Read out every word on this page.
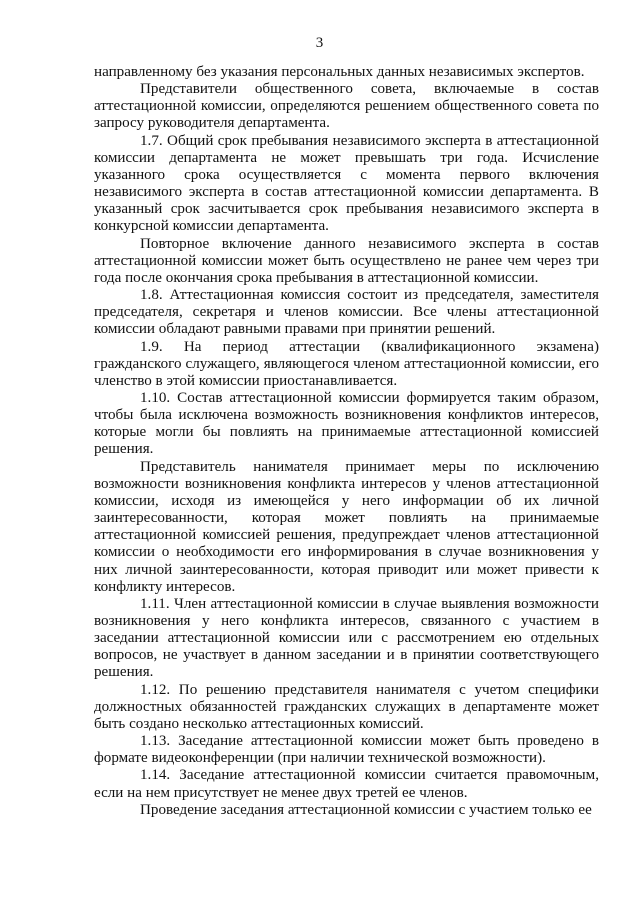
3

направленному без указания персональных данных независимых экспертов.

Представители общественного совета, включаемые в состав аттестационной комиссии, определяются решением общественного совета по запросу руководителя департамента.

1.7. Общий срок пребывания независимого эксперта в аттестационной комиссии департамента не может превышать три года. Исчисление указанного срока осуществляется с момента первого включения независимого эксперта в состав аттестационной комиссии департамента. В указанный срок засчитывается срок пребывания независимого эксперта в конкурсной комиссии департамента.

Повторное включение данного независимого эксперта в состав аттестационной комиссии может быть осуществлено не ранее чем через три года после окончания срока пребывания в аттестационной комиссии.

1.8. Аттестационная комиссия состоит из председателя, заместителя председателя, секретаря и членов комиссии. Все члены аттестационной комиссии обладают равными правами при принятии решений.

1.9. На период аттестации (квалификационного экзамена) гражданского служащего, являющегося членом аттестационной комиссии, его членство в этой комиссии приостанавливается.

1.10. Состав аттестационной комиссии формируется таким образом, чтобы была исключена возможность возникновения конфликтов интересов, которые могли бы повлиять на принимаемые аттестационной комиссией решения.

Представитель нанимателя принимает меры по исключению возможности возникновения конфликта интересов у членов аттестационной комиссии, исходя из имеющейся у него информации об их личной заинтересованности, которая может повлиять на принимаемые аттестационной комиссией решения, предупреждает членов аттестационной комиссии о необходимости его информирования в случае возникновения у них личной заинтересованности, которая приводит или может привести к конфликту интересов.

1.11. Член аттестационной комиссии в случае выявления возможности возникновения у него конфликта интересов, связанного с участием в заседании аттестационной комиссии или с рассмотрением ею отдельных вопросов, не участвует в данном заседании и в принятии соответствующего решения.

1.12. По решению представителя нанимателя с учетом специфики должностных обязанностей гражданских служащих в департаменте может быть создано несколько аттестационных комиссий.

1.13. Заседание аттестационной комиссии может быть проведено в формате видеоконференции (при наличии технической возможности).

1.14. Заседание аттестационной комиссии считается правомочным, если на нем присутствует не менее двух третей ее членов.

Проведение заседания аттестационной комиссии с участием только ее
